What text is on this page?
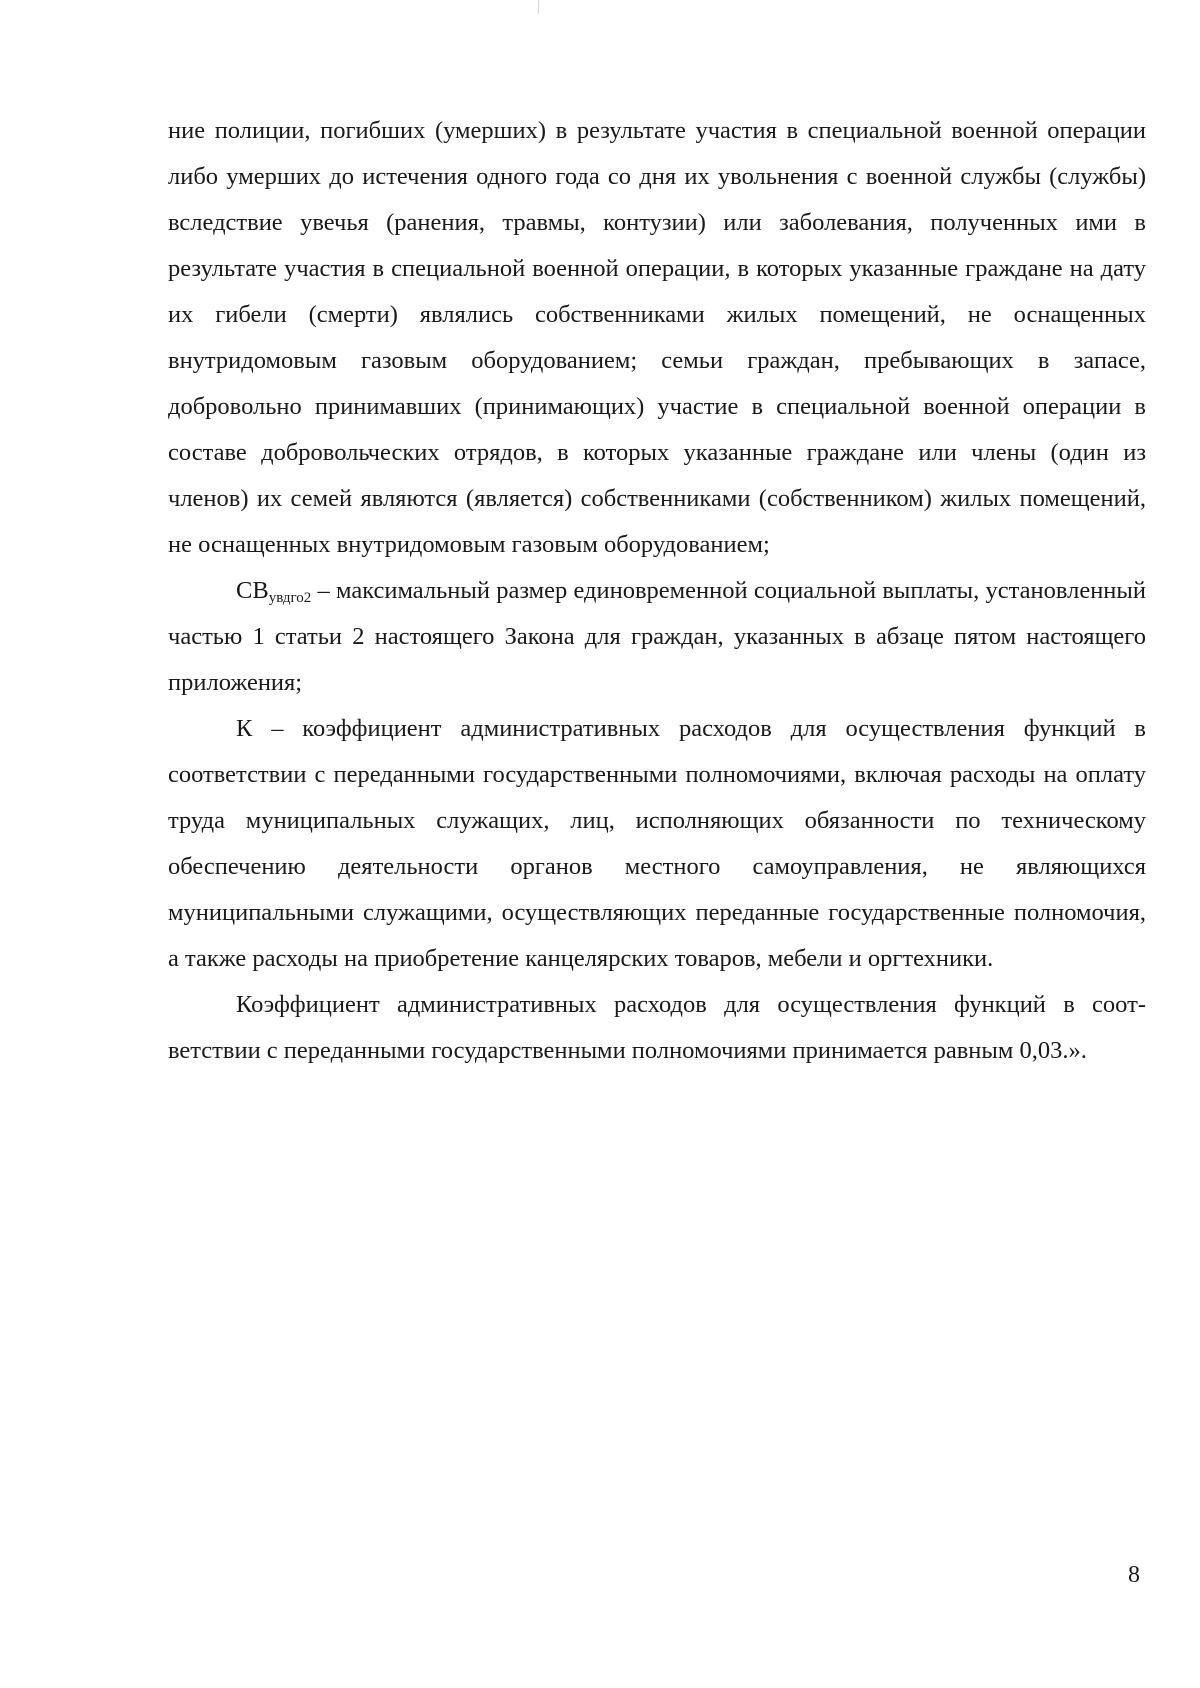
ние полиции, погибших (умерших) в результате участия в специальной военной операции либо умерших до истечения одного года со дня их увольнения с военной службы (службы) вследствие увечья (ранения, травмы, контузии) или заболевания, полученных ими в результате участия в специальной военной операции, в которых указанные граждане на дату их гибели (смерти) являлись собственниками жилых помещений, не оснащенных внутридомовым газовым оборудованием; семьи граждан, пребывающих в запасе, добровольно принимавших (принимающих) участие в специальной военной операции в составе добровольческих отрядов, в которых указанные граждане или члены (один из членов) их семей являются (является) собственниками (собственником) жилых помещений, не оснащенных внутридомовым газовым оборудованием;

$СВ_{увдго2}$ – максимальный размер единовременной социальной выплаты, установленный частью 1 статьи 2 настоящего Закона для граждан, указанных в абзаце пятом настоящего приложения;

К – коэффициент административных расходов для осуществления функций в соответствии с переданными государственными полномочиями, включая расходы на оплату труда муниципальных служащих, лиц, исполняющих обязанности по техническому обеспечению деятельности органов местного самоуправления, не являющихся муниципальными служащими, осуществляющих переданные государственные полномочия, а также расходы на приобретение канцелярских товаров, мебели и оргтехники.

Коэффициент административных расходов для осуществления функций в соответствии с переданными государственными полномочиями принимается равным 0,03.».

8
